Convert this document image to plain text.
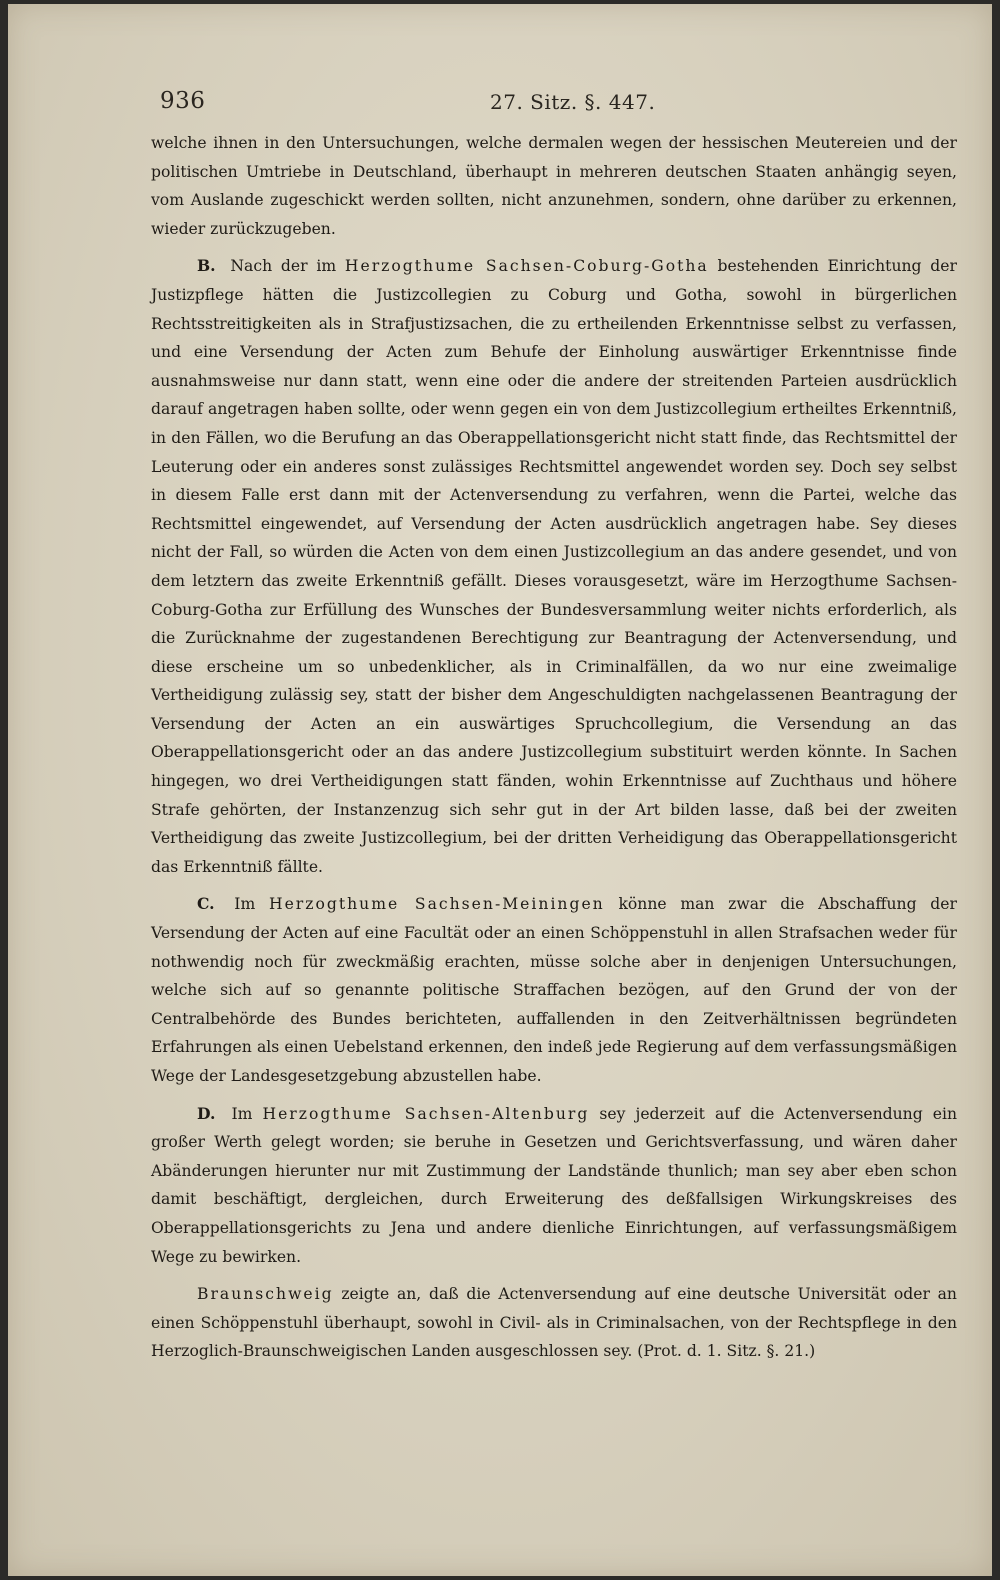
936	27. Sitz. §. 447.

welche ihnen in den Untersuchungen, welche dermalen wegen der hessischen Meutereien und der politischen Umtriebe in Deutschland, überhaupt in mehreren deutschen Staaten anhängig seyen, vom Auslande zugeschickt werden sollten, nicht anzunehmen, sondern, ohne darüber zu erkennen, wieder zurückzugeben.

B. Nach der im Herzogthume Sachsen-Coburg-Gotha bestehenden Einrichtung der Justizpflege hätten die Justizcollegien zu Coburg und Gotha, sowohl in bürgerlichen Rechtsstreitigkeiten als in Strafjustizsachen, die zu ertheilenden Erkenntnisse selbst zu verfassen, und eine Versendung der Acten zum Behufe der Einholung auswärtiger Erkenntnisse finde ausnahmsweise nur dann statt, wenn eine oder die andere der streitenden Parteien ausdrücklich darauf angetragen haben sollte, oder wenn gegen ein von dem Justizcollegium ertheiltes Erkenntniß, in den Fällen, wo die Berufung an das Oberappellationsgericht nicht statt finde, das Rechtsmittel der Leuterung oder ein anderes sonst zulässiges Rechtsmittel angewendet worden sey. Doch sey selbst in diesem Falle erst dann mit der Actenversendung zu verfahren, wenn die Partei, welche das Rechtsmittel eingewendet, auf Versendung der Acten ausdrücklich angetragen habe. Sey dieses nicht der Fall, so würden die Acten von dem einen Justizcollegium an das andere gesendet, und von dem letztern das zweite Erkenntniß gefällt. Dieses vorausgesetzt, wäre im Herzogthume Sachsen-Coburg-Gotha zur Erfüllung des Wunsches der Bundesversammlung weiter nichts erforderlich, als die Zurücknahme der zugestandenen Berechtigung zur Beantragung der Actenversendung, und diese erscheine um so unbedenklicher, als in Criminalfällen, da wo nur eine zweimalige Vertheidigung zulässig sey, statt der bisher dem Angeschuldigten nachgelassenen Beantragung der Versendung der Acten an ein auswärtiges Spruchcollegium, die Versendung an das Oberappellationsgericht oder an das andere Justizcollegium substituirt werden könnte. In Sachen hingegen, wo drei Vertheidigungen statt fänden, wohin Erkenntnisse auf Zuchthaus und höhere Strafe gehörten, der Instanzenzug sich sehr gut in der Art bilden lasse, daß bei der zweiten Vertheidigung das zweite Justizcollegium, bei der dritten Verheidigung das Oberappellationsgericht das Erkenntniß fällte.

C. Im Herzogthume Sachsen-Meiningen könne man zwar die Abschaffung der Versendung der Acten auf eine Facultät oder an einen Schöppenstuhl in allen Strafsachen weder für nothwendig noch für zweckmäßig erachten, müsse solche aber in denjenigen Untersuchungen, welche sich auf so genannte politische Straffachen bezögen, auf den Grund der von der Centralbehörde des Bundes berichteten, auffallenden in den Zeitverhältnissen begründeten Erfahrungen als einen Uebelstand erkennen, den indeß jede Regierung auf dem verfassungsmäßigen Wege der Landesgesetzgebung abzustellen habe.

D. Im Herzogthume Sachsen-Altenburg sey jederzeit auf die Actenversendung ein großer Werth gelegt worden; sie beruhe in Gesetzen und Gerichtsverfassung, und wären daher Abänderungen hierunter nur mit Zustimmung der Landstände thunlich; man sey aber eben schon damit beschäftigt, dergleichen, durch Erweiterung des deßfallsigen Wirkungskreises des Oberappellationsgerichts zu Jena und andere dienliche Einrichtungen, auf verfassungsmäßigem Wege zu bewirken.

Braunschweig zeigte an, daß die Actenversendung auf eine deutsche Universität oder an einen Schöppenstuhl überhaupt, sowohl in Civil- als in Criminalsachen, von der Rechtspflege in den Herzoglich-Braunschweigischen Landen ausgeschlossen sey. (Prot. d. 1. Sitz. §. 21.)
